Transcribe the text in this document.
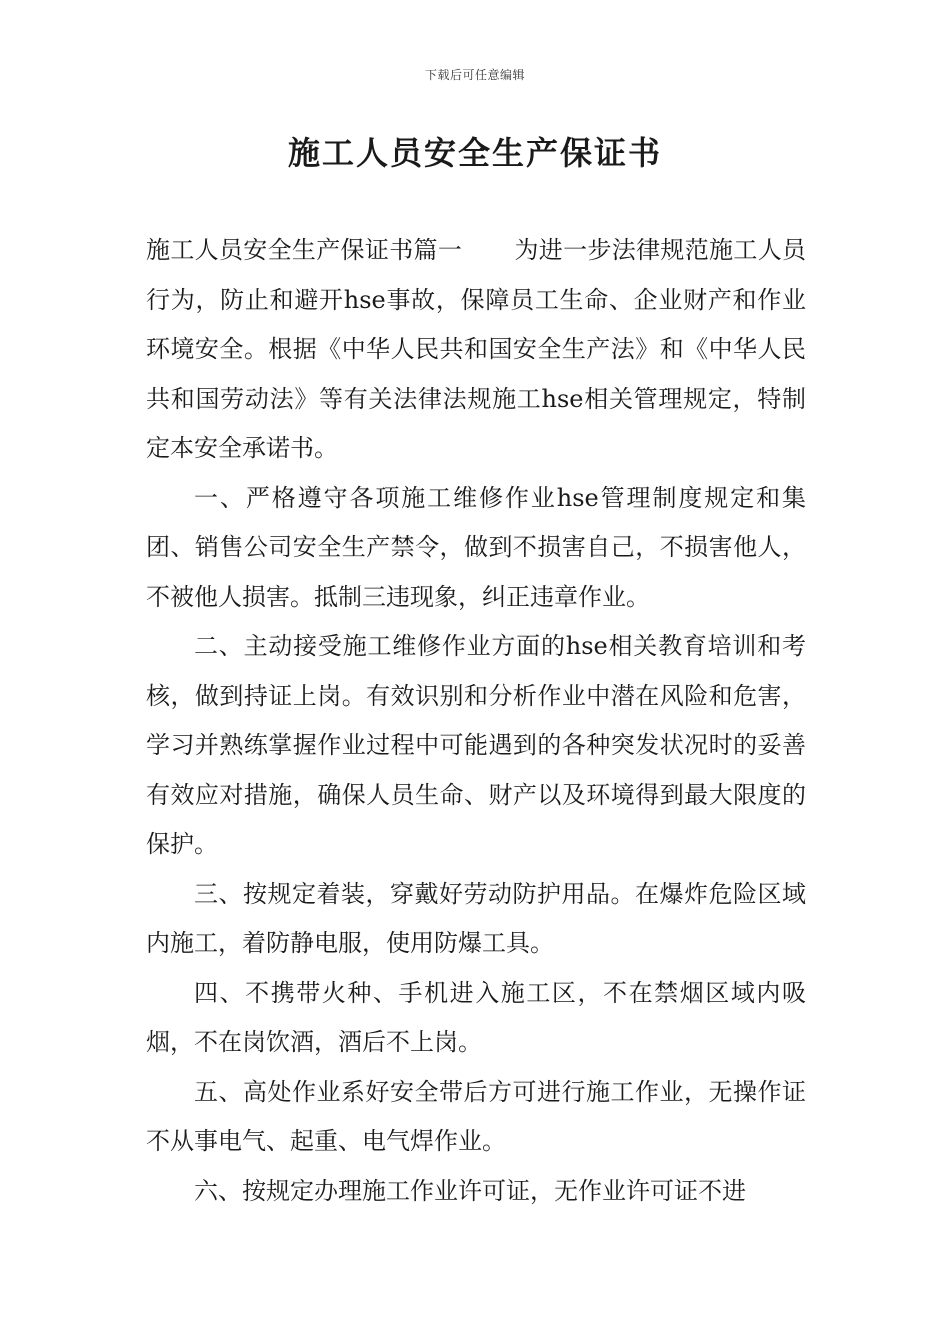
下载后可任意编辑
施工人员安全生产保证书

施工人员安全生产保证书篇一 为进一步法律规范施工人员行为，防止和避开hse事故，保障员工生命、企业财产和作业环境安全。根据《中华人民共和国安全生产法》和《中华人民共和国劳动法》等有关法律法规施工hse相关管理规定，特制定本安全承诺书。

一、严格遵守各项施工维修作业hse管理制度规定和集团、销售公司安全生产禁令，做到不损害自己，不损害他人，不被他人损害。抵制三违现象，纠正违章作业。

二、主动接受施工维修作业方面的hse相关教育培训和考核，做到持证上岗。有效识别和分析作业中潜在风险和危害，学习并熟练掌握作业过程中可能遇到的各种突发状况时的妥善有效应对措施，确保人员生命、财产以及环境得到最大限度的保护。

三、按规定着装，穿戴好劳动防护用品。在爆炸危险区域内施工，着防静电服，使用防爆工具。

四、不携带火种、手机进入施工区，不在禁烟区域内吸烟，不在岗饮酒，酒后不上岗。

五、高处作业系好安全带后方可进行施工作业，无操作证不从事电气、起重、电气焊作业。

六、按规定办理施工作业许可证，无作业许可证不进
